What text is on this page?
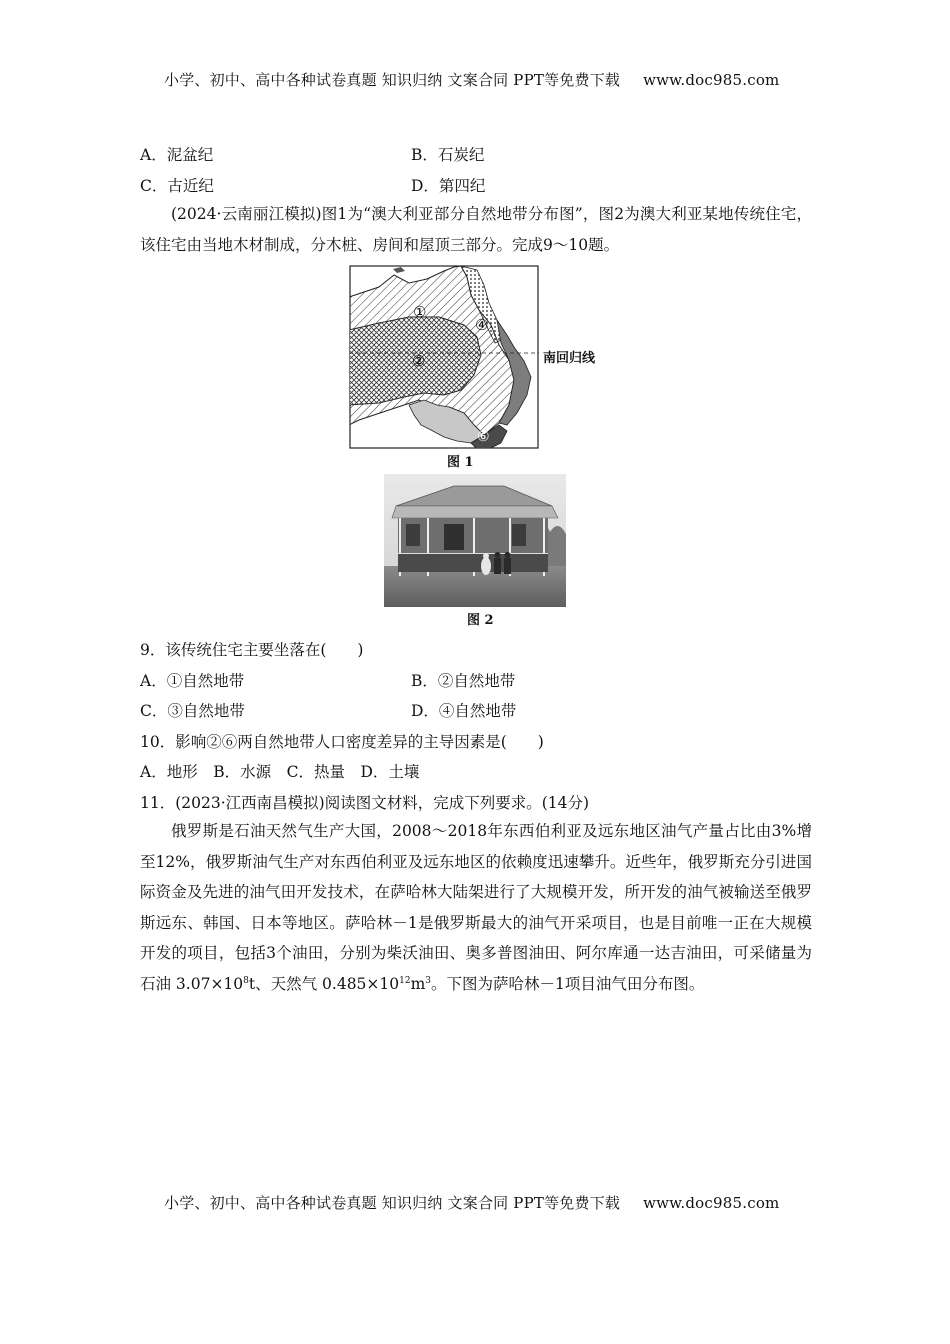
小学、初中、高中各种试卷真题 知识归纳 文案合同 PPT等免费下载 www.doc985.com
A．泥盆纪	B．石炭纪
C．古近纪	D．第四纪
(2024·云南丽江模拟)图1为“澳大利亚部分自然地带分布图”，图2为澳大利亚某地传统住宅，该住宅由当地木材制成，分木桩、房间和屋顶三部分。完成9～10题。
①
②
④
⑥
南回归线
图 1
图 2
9．该传统住宅主要坐落在(　　)
A．①自然地带	B．②自然地带
C．③自然地带	D．④自然地带
10．影响②⑥两自然地带人口密度差异的主导因素是(　　)
A．地形　B．水源　C．热量　D．土壤
11．(2023·江西南昌模拟)阅读图文材料，完成下列要求。(14分)
俄罗斯是石油天然气生产大国，2008～2018年东西伯利亚及远东地区油气产量占比由3%增至12%，俄罗斯油气生产对东西伯利亚及远东地区的依赖度迅速攀升。近些年，俄罗斯充分引进国际资金及先进的油气田开发技术，在萨哈林大陆架进行了大规模开发，所开发的油气被输送至俄罗斯远东、韩国、日本等地区。萨哈林－1是俄罗斯最大的油气开采项目，也是目前唯一正在大规模开发的项目，包括3个油田，分别为柴沃油田、奥多普图油田、阿尔库通一达吉油田，可采储量为石油 $3.07\times 10^8t$、天然气 $0.485\times 10^{12}m^3$。下图为萨哈林－1项目油气田分布图。
小学、初中、高中各种试卷真题 知识归纳 文案合同 PPT等免费下载 www.doc985.com
